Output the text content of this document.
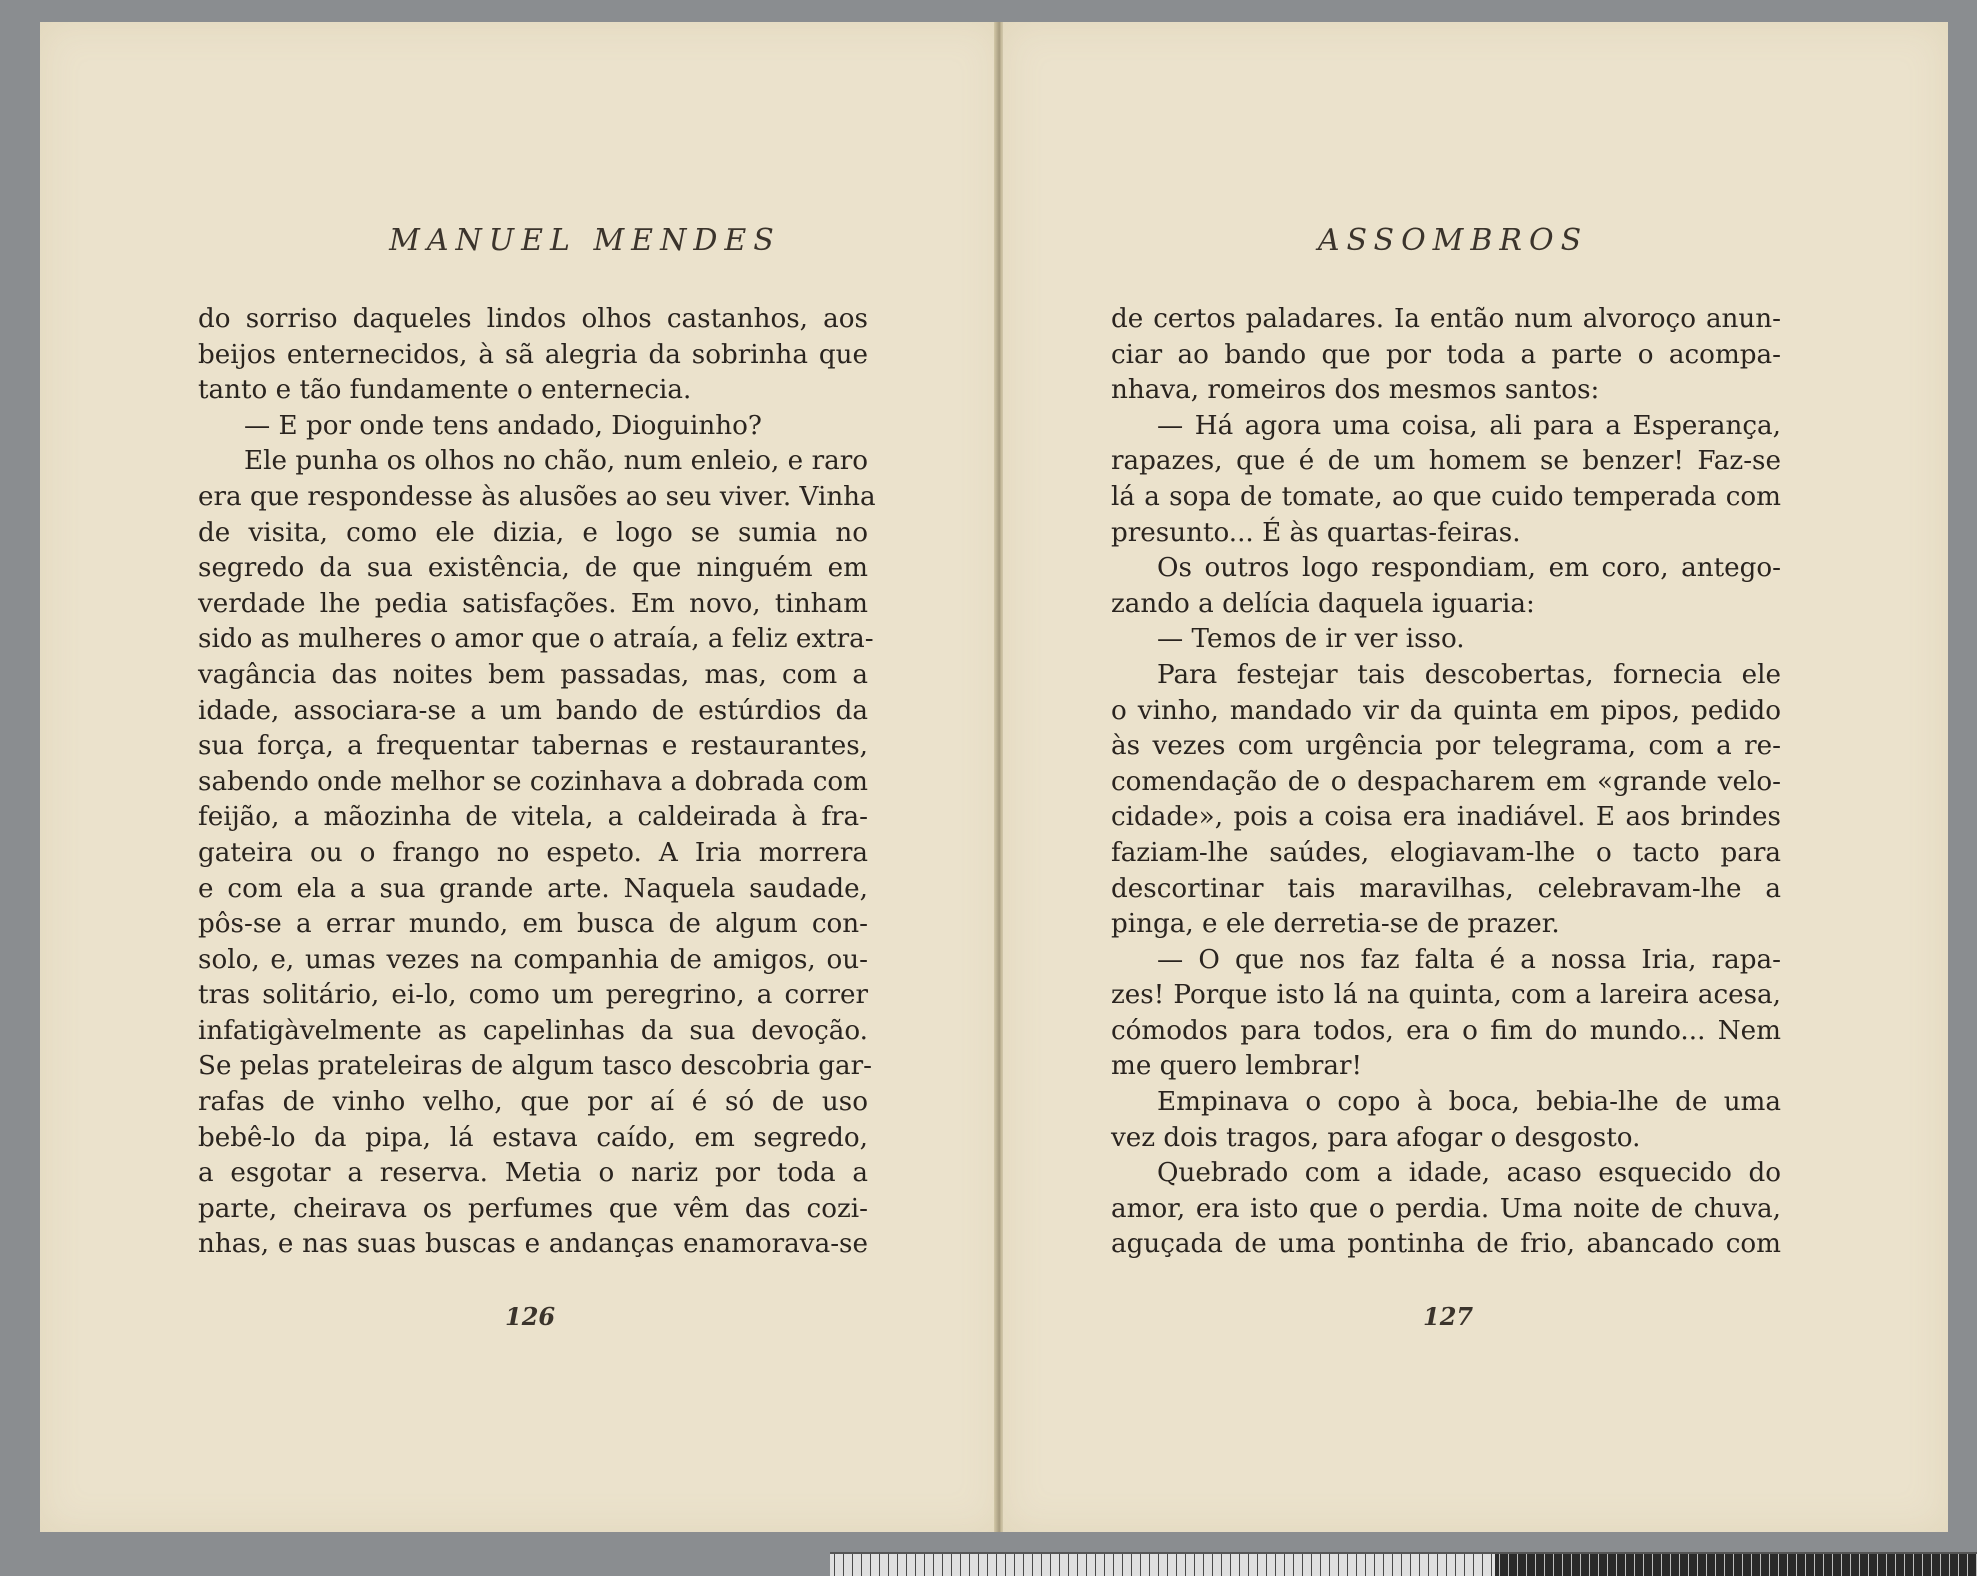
MANUEL MENDES

do sorriso daqueles lindos olhos castanhos, aos
beijos enternecidos, à sã alegria da sobrinha que
tanto e tão fundamente o enternecia.
— E por onde tens andado, Dioguinho?
Ele punha os olhos no chão, num enleio, e raro
era que respondesse às alusões ao seu viver. Vinha
de visita, como ele dizia, e logo se sumia no
segredo da sua existência, de que ninguém em
verdade lhe pedia satisfações. Em novo, tinham
sido as mulheres o amor que o atraía, a feliz extra-
vagância das noites bem passadas, mas, com a
idade, associara-se a um bando de estúrdios da
sua força, a frequentar tabernas e restaurantes,
sabendo onde melhor se cozinhava a dobrada com
feijão, a mãozinha de vitela, a caldeirada à fra-
gateira ou o frango no espeto. A Iria morrera
e com ela a sua grande arte. Naquela saudade,
pôs-se a errar mundo, em busca de algum con-
solo, e, umas vezes na companhia de amigos, ou-
tras solitário, ei-lo, como um peregrino, a correr
infatigàvelmente as capelinhas da sua devoção.
Se pelas prateleiras de algum tasco descobria gar-
rafas de vinho velho, que por aí é só de uso
bebê-lo da pipa, lá estava caído, em segredo,
a esgotar a reserva. Metia o nariz por toda a
parte, cheirava os perfumes que vêm das cozi-
nhas, e nas suas buscas e andanças enamorava-se

126

ASSOMBROS

de certos paladares. Ia então num alvoroço anun-
ciar ao bando que por toda a parte o acompa-
nhava, romeiros dos mesmos santos:
— Há agora uma coisa, ali para a Esperança,
rapazes, que é de um homem se benzer! Faz-se
lá a sopa de tomate, ao que cuido temperada com
presunto... É às quartas-feiras.
Os outros logo respondiam, em coro, antego-
zando a delícia daquela iguaria:
— Temos de ir ver isso.
Para festejar tais descobertas, fornecia ele
o vinho, mandado vir da quinta em pipos, pedido
às vezes com urgência por telegrama, com a re-
comendação de o despacharem em «grande velo-
cidade», pois a coisa era inadiável. E aos brindes
faziam-lhe saúdes, elogiavam-lhe o tacto para
descortinar tais maravilhas, celebravam-lhe a
pinga, e ele derretia-se de prazer.
— O que nos faz falta é a nossa Iria, rapa-
zes! Porque isto lá na quinta, com a lareira acesa,
cómodos para todos, era o fim do mundo... Nem
me quero lembrar!
Empinava o copo à boca, bebia-lhe de uma
vez dois tragos, para afogar o desgosto.
Quebrado com a idade, acaso esquecido do
amor, era isto que o perdia. Uma noite de chuva,
aguçada de uma pontinha de frio, abancado com

127
